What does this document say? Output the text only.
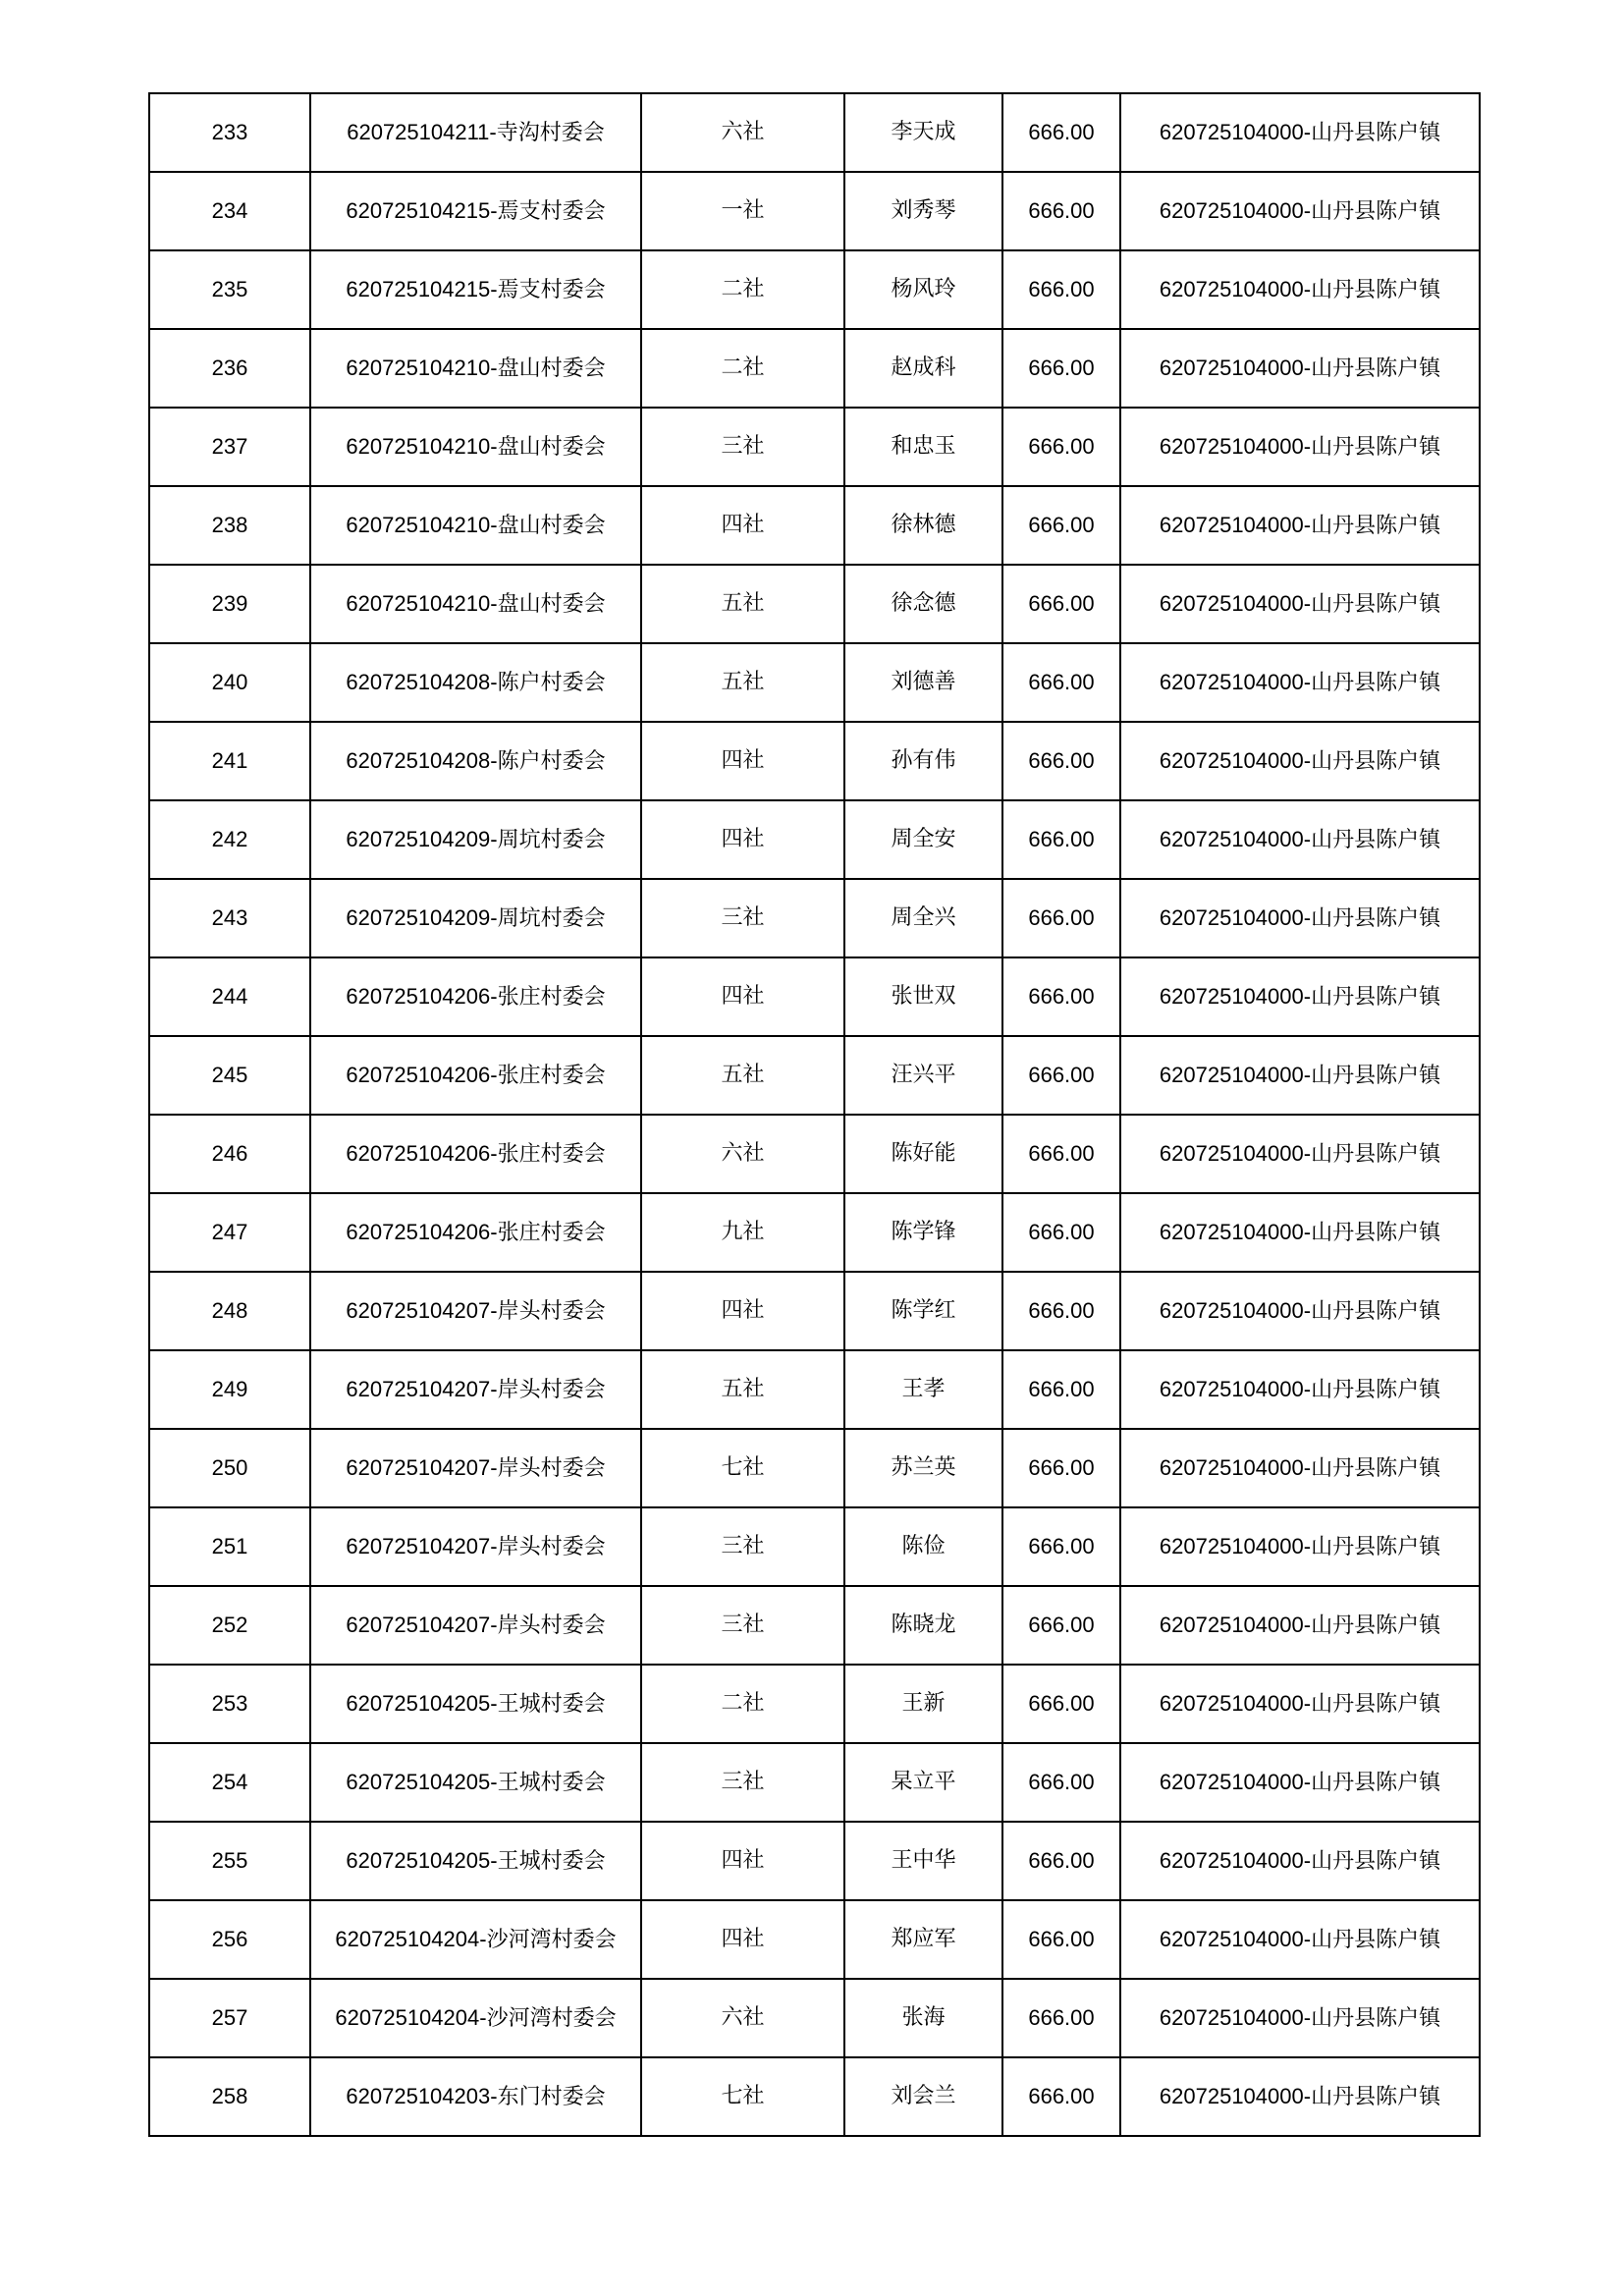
233	620725104211-寺沟村委会	六社	李天成	666.00	620725104000-山丹县陈户镇
234	620725104215-焉支村委会	一社	刘秀琴	666.00	620725104000-山丹县陈户镇
235	620725104215-焉支村委会	二社	杨风玲	666.00	620725104000-山丹县陈户镇
236	620725104210-盘山村委会	二社	赵成科	666.00	620725104000-山丹县陈户镇
237	620725104210-盘山村委会	三社	和忠玉	666.00	620725104000-山丹县陈户镇
238	620725104210-盘山村委会	四社	徐林德	666.00	620725104000-山丹县陈户镇
239	620725104210-盘山村委会	五社	徐念德	666.00	620725104000-山丹县陈户镇
240	620725104208-陈户村委会	五社	刘德善	666.00	620725104000-山丹县陈户镇
241	620725104208-陈户村委会	四社	孙有伟	666.00	620725104000-山丹县陈户镇
242	620725104209-周坑村委会	四社	周全安	666.00	620725104000-山丹县陈户镇
243	620725104209-周坑村委会	三社	周全兴	666.00	620725104000-山丹县陈户镇
244	620725104206-张庄村委会	四社	张世双	666.00	620725104000-山丹县陈户镇
245	620725104206-张庄村委会	五社	汪兴平	666.00	620725104000-山丹县陈户镇
246	620725104206-张庄村委会	六社	陈好能	666.00	620725104000-山丹县陈户镇
247	620725104206-张庄村委会	九社	陈学锋	666.00	620725104000-山丹县陈户镇
248	620725104207-岸头村委会	四社	陈学红	666.00	620725104000-山丹县陈户镇
249	620725104207-岸头村委会	五社	王孝	666.00	620725104000-山丹县陈户镇
250	620725104207-岸头村委会	七社	苏兰英	666.00	620725104000-山丹县陈户镇
251	620725104207-岸头村委会	三社	陈俭	666.00	620725104000-山丹县陈户镇
252	620725104207-岸头村委会	三社	陈晓龙	666.00	620725104000-山丹县陈户镇
253	620725104205-王城村委会	二社	王新	666.00	620725104000-山丹县陈户镇
254	620725104205-王城村委会	三社	杲立平	666.00	620725104000-山丹县陈户镇
255	620725104205-王城村委会	四社	王中华	666.00	620725104000-山丹县陈户镇
256	620725104204-沙河湾村委会	四社	郑应军	666.00	620725104000-山丹县陈户镇
257	620725104204-沙河湾村委会	六社	张海	666.00	620725104000-山丹县陈户镇
258	620725104203-东门村委会	七社	刘会兰	666.00	620725104000-山丹县陈户镇
